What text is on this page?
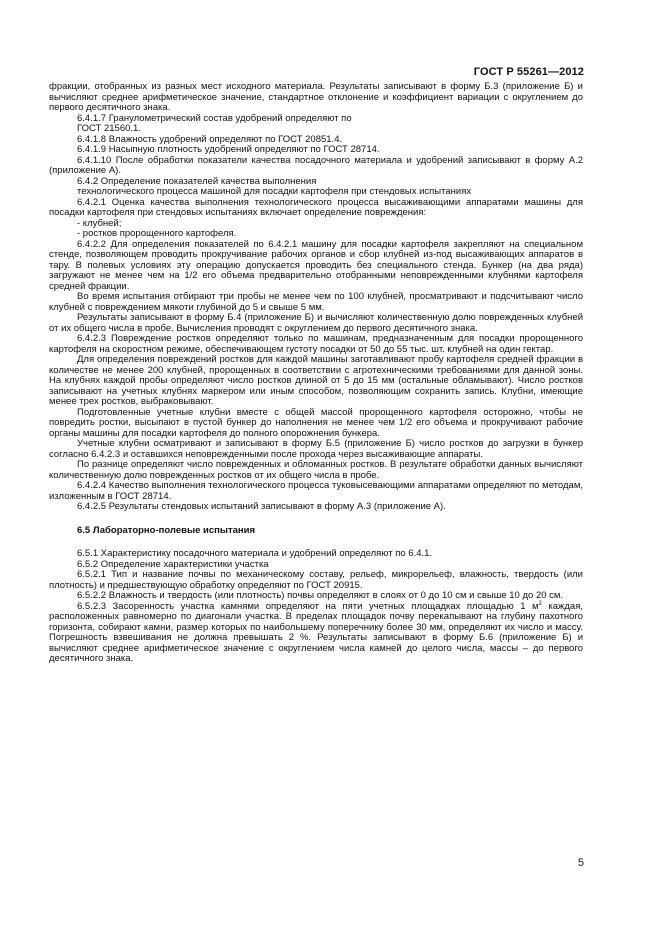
ГОСТ Р 55261—2012

фракции, отобранных из разных мест исходного материала. Результаты записывают в форму Б.3 (приложение Б) и вычисляют среднее арифметическое значение, стандартное отклонение и коэффициент вариации с округлением до первого десятичного знака.

6.4.1.7 Гранулометрический состав удобрений определяют по

ГОСТ 21560.1.

6.4.1.8 Влажность удобрений определяют по ГОСТ 20851.4.

6.4.1.9 Насыпную плотность удобрений определяют по ГОСТ 28714.

6.4.1.10 После обработки показатели качества посадочного материала и удобрений записывают в форму А.2 (приложение А).

6.4.2 Определение показателей качества выполнения

технологического процесса машиной для посадки картофеля при стендовых испытаниях

6.4.2.1 Оценка качества выполнения технологического процесса высаживающими аппаратами машины для посадки картофеля при стендовых испытаниях включает определение повреждения:

- клубней;

- ростков пророщенного картофеля.

6.4.2.2 Для определения показателей по 6.4.2.1 машину для посадки картофеля закрепляют на специальном стенде, позволяющем проводить прокручивание рабочих органов и сбор клубней из-под высаживающих аппаратов в тару. В полевых условиях эту операцию допускается проводить без специального стенда. Бункер (на два ряда) загружают не менее чем на 1/2 его объема предварительно отобранными неповрежденными клубнями картофеля средней фракции.

Во время испытания отбирают три пробы не менее чем по 100 клубней, просматривают и подсчитывают число клубней с повреждением мякоти глубиной до 5 и свыше 5 мм.

Результаты записывают в форму Б.4 (приложение Б) и вычисляют количественную долю поврежденных клубней от их общего числа в пробе. Вычисления проводят с округлением до первого десятичного знака.

6.4.2.3 Повреждение ростков определяют только по машинам, предназначенным для посадки пророщенного картофеля на скоростном режиме, обеспечивающем густоту посадки от 50 до 55 тыс. шт. клубней на один гектар.

Для определения повреждений ростков для каждой машины заготавливают пробу картофеля средней фракции в количестве не менее 200 клубней, пророщенных в соответствии с агротехническими требованиями для данной зоны. На клубнях каждой пробы определяют число ростков длиной от 5 до 15 мм (остальные обламывают). Число ростков записывают на учетных клубнях маркером или иным способом, позволяющим сохранить запись. Клубни, имеющие менее трех ростков, выбраковывают.

Подготовленные учетные клубни вместе с общей массой пророщенного картофеля осторожно, чтобы не повредить ростки, высыпают в пустой бункер до наполнения не менее чем 1/2 его объема и прокручивают рабочие органы машины для посадки картофеля до полного опорожнения бункера.

Учетные клубни осматривают и записывают в форму Б.5 (приложение Б) число ростков до загрузки в бункер согласно 6.4.2.3 и оставшихся неповрежденными после прохода через высаживающие аппараты.

По разнице определяют число поврежденных и обломанных ростков. В результате обработки данных вычисляют количественную долю поврежденных ростков от их общего числа в пробе.

6.4.2.4 Качество выполнения технологического процесса туковысевающими аппаратами определяют по методам, изложенным в ГОСТ 28714.

6.4.2.5 Результаты стендовых испытаний записывают в форму А.3 (приложение А).

6.5 Лабораторно-полевые испытания

6.5.1 Характеристику посадочного материала и удобрений определяют по 6.4.1.

6.5.2 Определение характеристики участка

6.5.2.1 Тип и название почвы по механическому составу, рельеф, микрорельеф, влажность, твердость (или плотность) и предшествующую обработку определяют по ГОСТ 20915.

6.5.2.2 Влажность и твердость (или плотность) почвы определяют в слоях от 0 до 10 см и свыше 10 до 20 см.

6.5.2.3 Засоренность участка камнями определяют на пяти учетных площадках площадью 1 $м^2$ каждая, расположенных равномерно по диагонали участка. В пределах площадок почву перекапывают на глубину пахотного горизонта, собирают камни, размер которых по наибольшему поперечнику более 30 мм, определяют их число и массу. Погрешность взвешивания не должна превышать 2 %. Результаты записывают в форму Б.6 (приложение Б) и вычисляют среднее арифметическое значение с округлением числа камней до целого числа, массы – до первого десятичного знака.

5
